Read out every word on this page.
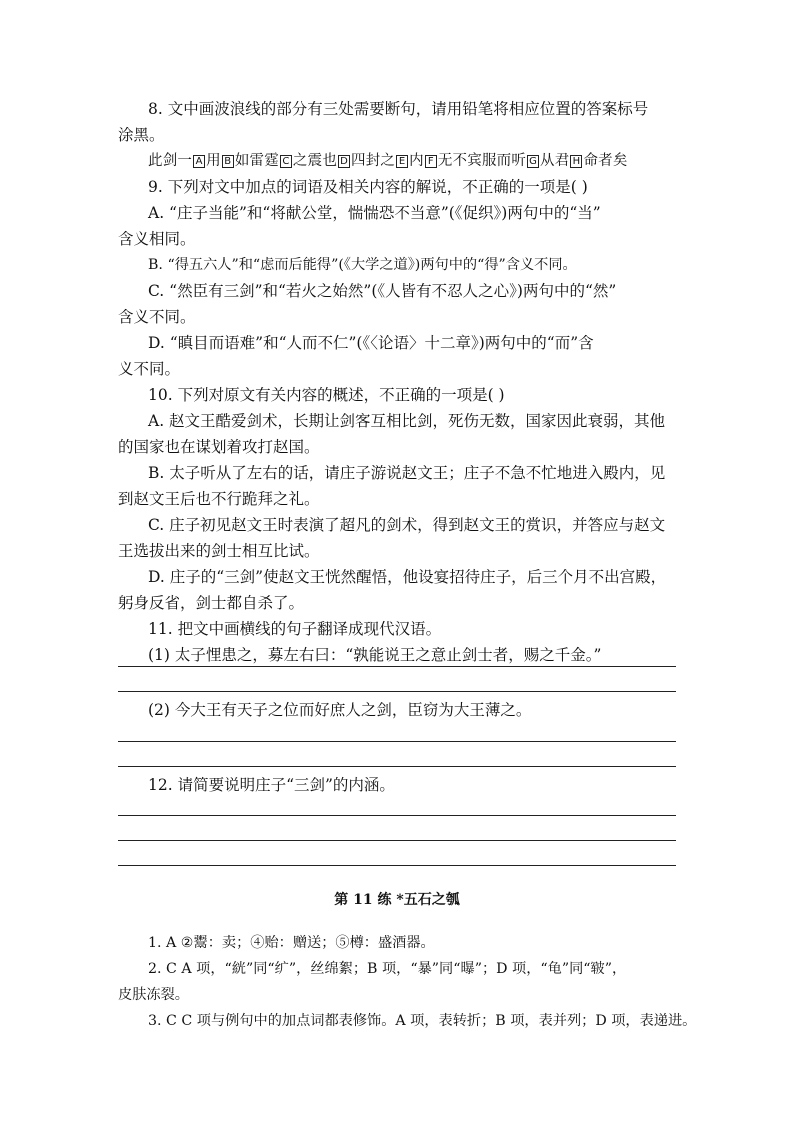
8. 文中画波浪线的部分有三处需要断句，请用铅笔将相应位置的答案标号
涂黑。
此剑一 A 用 B 如雷霆 C 之震也 D 四封之 E 内 F 无不宾服而听 G 从君 H 命者矣
9. 下列对文中加点的词语及相关内容的解说，不正确的一项是( )
A. “庄子当能”和“将献公堂，惴惴恐不当意”(《促织》)两句中的“当”
含义相同。
B. “得五六人”和“虑而后能得”(《大学之道》)两句中的“得”含义不同。
C. “然臣有三剑”和“若火之始然”(《人皆有不忍人之心》)两句中的“然”
含义不同。
D. “瞋目而语难”和“人而不仁”(《〈论语〉十二章》)两句中的“而”含
义不同。
10. 下列对原文有关内容的概述，不正确的一项是( )
A. 赵文王酷爱剑术，长期让剑客互相比剑，死伤无数，国家因此衰弱，其他
的国家也在谋划着攻打赵国。
B. 太子听从了左右的话，请庄子游说赵文王；庄子不急不忙地进入殿内，见
到赵文王后也不行跪拜之礼。
C. 庄子初见赵文王时表演了超凡的剑术，得到赵文王的赏识，并答应与赵文
王选拔出来的剑士相互比试。
D. 庄子的“三剑”使赵文王恍然醒悟，他设宴招待庄子，后三个月不出宫殿，
躬身反省，剑士都自杀了。
11. 把文中画横线的句子翻译成现代汉语。
(1) 太子悝患之，募左右曰：“孰能说王之意止剑士者，赐之千金。”
(2) 今大王有天子之位而好庶人之剑，臣窃为大王薄之。
12. 请简要说明庄子“三剑”的内涵。
第 11 练 *五石之瓠
1. A ②鬻：卖；④贻：赠送；⑤樽：盛酒器。
2. C A 项，“絖”同“纩”，丝绵絮；B 项，“暴”同“曝”；D 项，“龟”同“皲”，
皮肤冻裂。
3. C C 项与例句中的加点词都表修饰。A 项，表转折；B 项，表并列；D 项，表递进。
